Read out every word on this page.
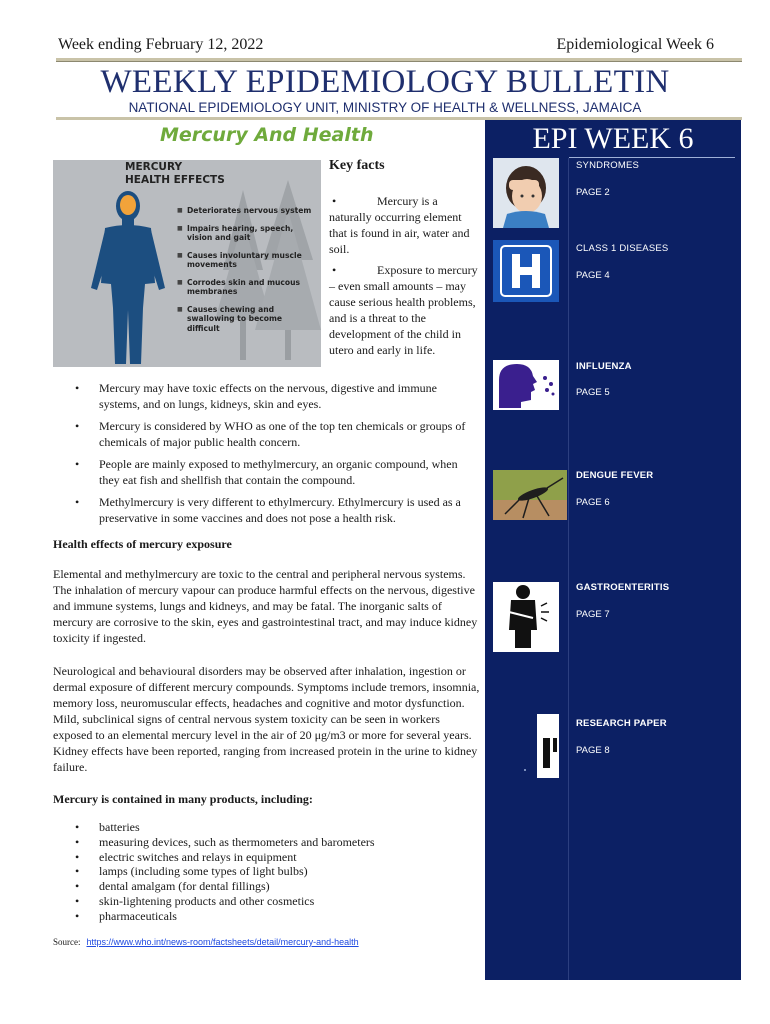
Week ending February 12, 2022	Epidemiological Week 6
WEEKLY EPIDEMIOLOGY BULLETIN
NATIONAL EPIDEMIOLOGY UNIT, MINISTRY OF HEALTH & WELLNESS, JAMAICA
Mercury And Health
MERCURY
HEALTH EFFECTS
■ Deteriorates nervous system
■ Impairs hearing, speech, vision and gait
■ Causes involuntary muscle movements
■ Corrodes skin and mucous membranes
■ Causes chewing and swallowing to become difficult
Key facts
•	Mercury is a naturally occurring element that is found in air, water and soil.
•	Exposure to mercury – even small amounts – may cause serious health problems, and is a threat to the development of the child in utero and early in life.
• Mercury may have toxic effects on the nervous, digestive and immune systems, and on lungs, kidneys, skin and eyes.
• Mercury is considered by WHO as one of the top ten chemicals or groups of chemicals of major public health concern.
• People are mainly exposed to methylmercury, an organic compound, when they eat fish and shellfish that contain the compound.
• Methylmercury is very different to ethylmercury. Ethylmercury is used as a preservative in some vaccines and does not pose a health risk.
Health effects of mercury exposure
Elemental and methylmercury are toxic to the central and peripheral nervous systems. The inhalation of mercury vapour can produce harmful effects on the nervous, digestive and immune systems, lungs and kidneys, and may be fatal. The inorganic salts of mercury are corrosive to the skin, eyes and gastrointestinal tract, and may induce kidney toxicity if ingested.
Neurological and behavioural disorders may be observed after inhalation, ingestion or dermal exposure of different mercury compounds. Symptoms include tremors, insomnia, memory loss, neuromuscular effects, headaches and cognitive and motor dysfunction. Mild, subclinical signs of central nervous system toxicity can be seen in workers exposed to an elemental mercury level in the air of 20 μg/m3 or more for several years. Kidney effects have been reported, ranging from increased protein in the urine to kidney failure.
Mercury is contained in many products, including:
• batteries
• measuring devices, such as thermometers and barometers
• electric switches and relays in equipment
• lamps (including some types of light bulbs)
• dental amalgam (for dental fillings)
• skin-lightening products and other cosmetics
• pharmaceuticals
Source: https://www.who.int/news-room/factsheets/detail/mercury-and-health
EPI WEEK 6
SYNDROMES
PAGE 2
CLASS 1 DISEASES
PAGE 4
INFLUENZA
PAGE 5
DENGUE FEVER
PAGE 6
GASTROENTERITIS
PAGE 7
RESEARCH PAPER
PAGE 8
